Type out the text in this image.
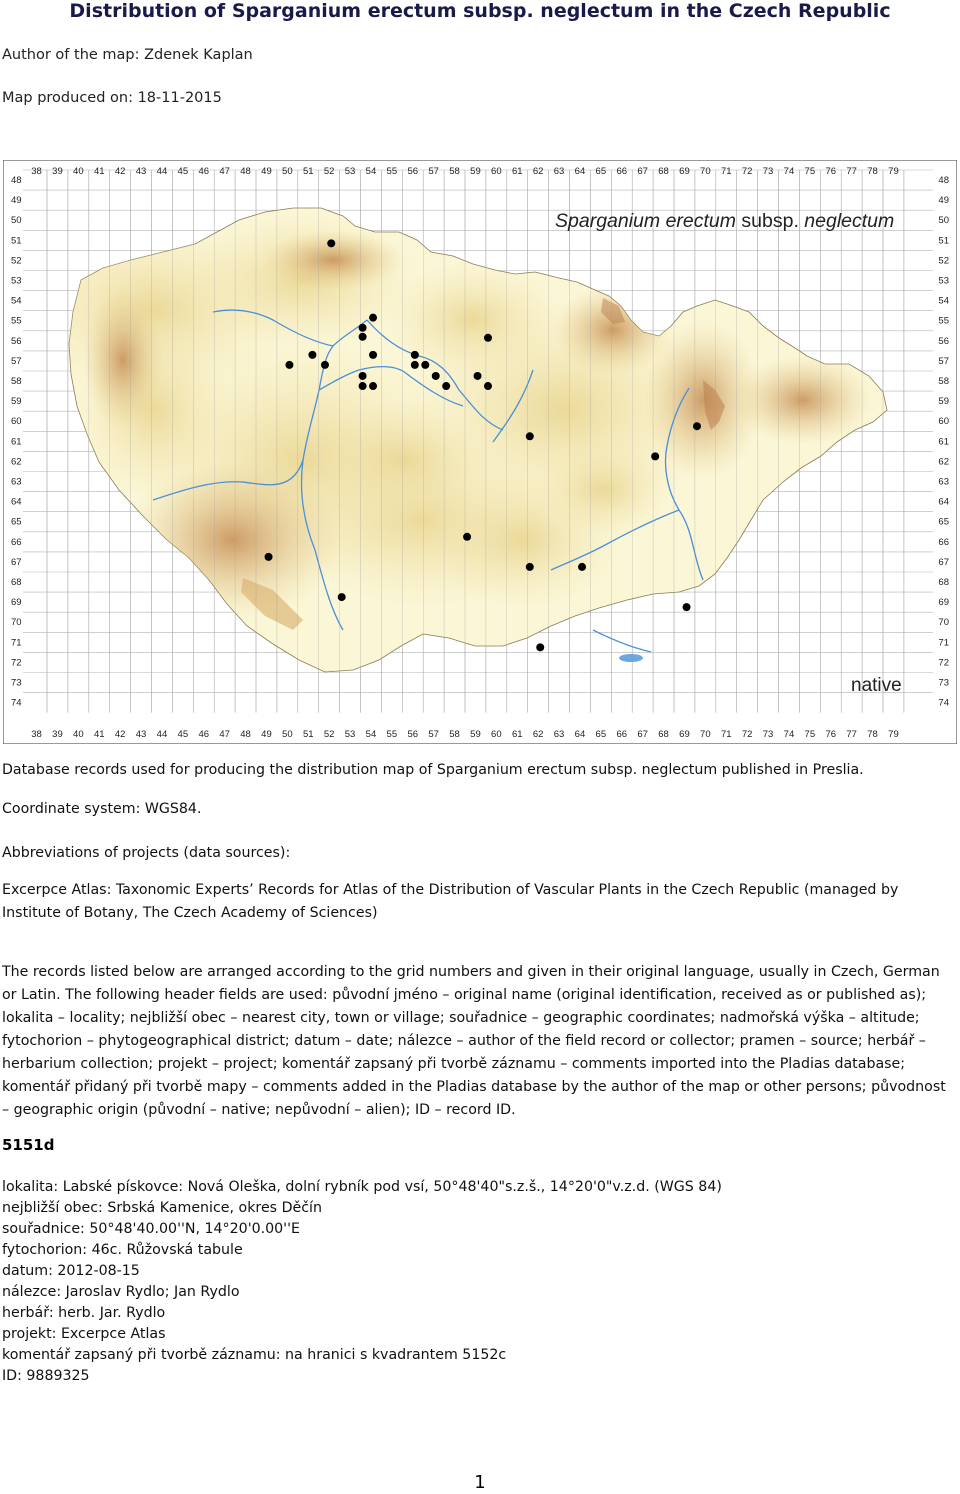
Distribution of Sparganium erectum subsp. neglectum in the Czech Republic
Author of the map: Zdenek Kaplan
Map produced on: 18-11-2015
38
38
39
39
40
40
41
41
42
42
43
43
44
44
45
45
46
46
47
47
48
48
49
49
50
50
51
51
52
52
53
53
54
54
55
55
56
56
57
57
58
58
59
59
60
60
61
61
62
62
63
63
64
64
65
65
66
66
67
67
68
68
69
69
70
70
71
71
72
72
73
73
74
74
75
75
76
76
77
77
78
78
79
79
48	48
49	49
50	50
51	51
52	52
53	53
54	54
55	55
56	56
57	57
58	58
59	59
60	60
61	61
62	62
63	63
64	64
65	65
66	66
67	67
68	68
69	69
70	70
71	71
72	72
73	73
74	74
Sparganium erectum subsp. neglectum
native

Database records used for producing the distribution map of Sparganium erectum subsp. neglectum published in Preslia.

Coordinate system: WGS84.

Abbreviations of projects (data sources):

Excerpce Atlas: Taxonomic Experts’ Records for Atlas of the Distribution of Vascular Plants in the Czech Republic (managed by Institute of Botany, The Czech Academy of Sciences)

The records listed below are arranged according to the grid numbers and given in their original language, usually in Czech, German or Latin. The following header fields are used: původní jméno – original name (original identification, received as or published as); lokalita – locality; nejbližší obec – nearest city, town or village; souřadnice – geographic coordinates; nadmořská výška – altitude; fytochorion – phytogeographical district; datum – date; nálezce – author of the field record or collector; pramen – source; herbář – herbarium collection; projekt – project; komentář zapsaný při tvorbě záznamu – comments imported into the Pladias database; komentář přidaný při tvorbě mapy – comments added in the Pladias database by the author of the map or other persons; původnost – geographic origin (původní – native; nepůvodní – alien); ID – record ID.

5151d
lokalita: Labské pískovce: Nová Oleška, dolní rybník pod vsí, 50°48'40"s.z.š., 14°20'0"v.z.d. (WGS 84)
nejbližší obec: Srbská Kamenice, okres Děčín
souřadnice: 50°48'40.00''N, 14°20'0.00''E
fytochorion: 46c. Růžovská tabule
datum: 2012-08-15
nálezce: Jaroslav Rydlo; Jan Rydlo
herbář: herb. Jar. Rydlo
projekt: Excerpce Atlas
komentář zapsaný při tvorbě záznamu: na hranici s kvadrantem 5152c
ID: 9889325
1
